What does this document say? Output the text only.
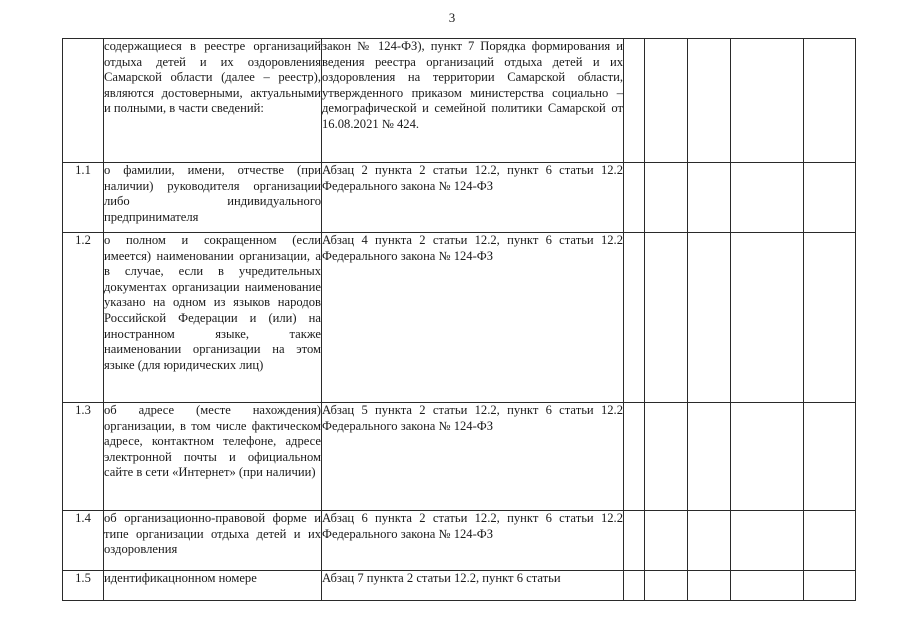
3
	содержащиеся в реестре организаций отдыха детей и их оздоровления Самарской области (далее – реестр), являются достоверными, актуальными и полными, в части сведений:	закон № 124-ФЗ), пункт 7 Порядка формирования и ведения реестра организаций отдыха детей и их оздоровления на территории Самарской области, утвержденного приказом министерства социально – демографической и семейной политики Самарской от 16.08.2021 № 424.					
1.1	о фамилии, имени, отчестве (при наличии) руководителя организации либо индивидуального предпринимателя	Абзац 2 пункта 2 статьи 12.2, пункт 6 статьи 12.2 Федерального закона № 124-ФЗ					
1.2	о полном и сокращенном (если имеется) наименовании организации, а в случае, если в учредительных документах организации наименование указано на одном из языков народов Российской Федерации и (или) на иностранном языке, также наименовании организации на этом языке (для юридических лиц)	Абзац 4 пункта 2 статьи 12.2, пункт 6 статьи 12.2 Федерального закона № 124-ФЗ					
1.3	об адресе (месте нахождения) организации, в том числе фактическом адресе, контактном телефоне, адресе электронной почты и официальном сайте в сети «Интернет» (при наличии)	Абзац 5 пункта 2 статьи 12.2, пункт 6 статьи 12.2 Федерального закона № 124-ФЗ					
1.4	об организационно-правовой форме и типе организации отдыха детей и их оздоровления	Абзац 6 пункта 2 статьи 12.2, пункт 6 статьи 12.2 Федерального закона № 124-ФЗ					
1.5	идентификацнонном номере	Абзац 7 пункта 2 статьи 12.2, пункт 6 статьи					
